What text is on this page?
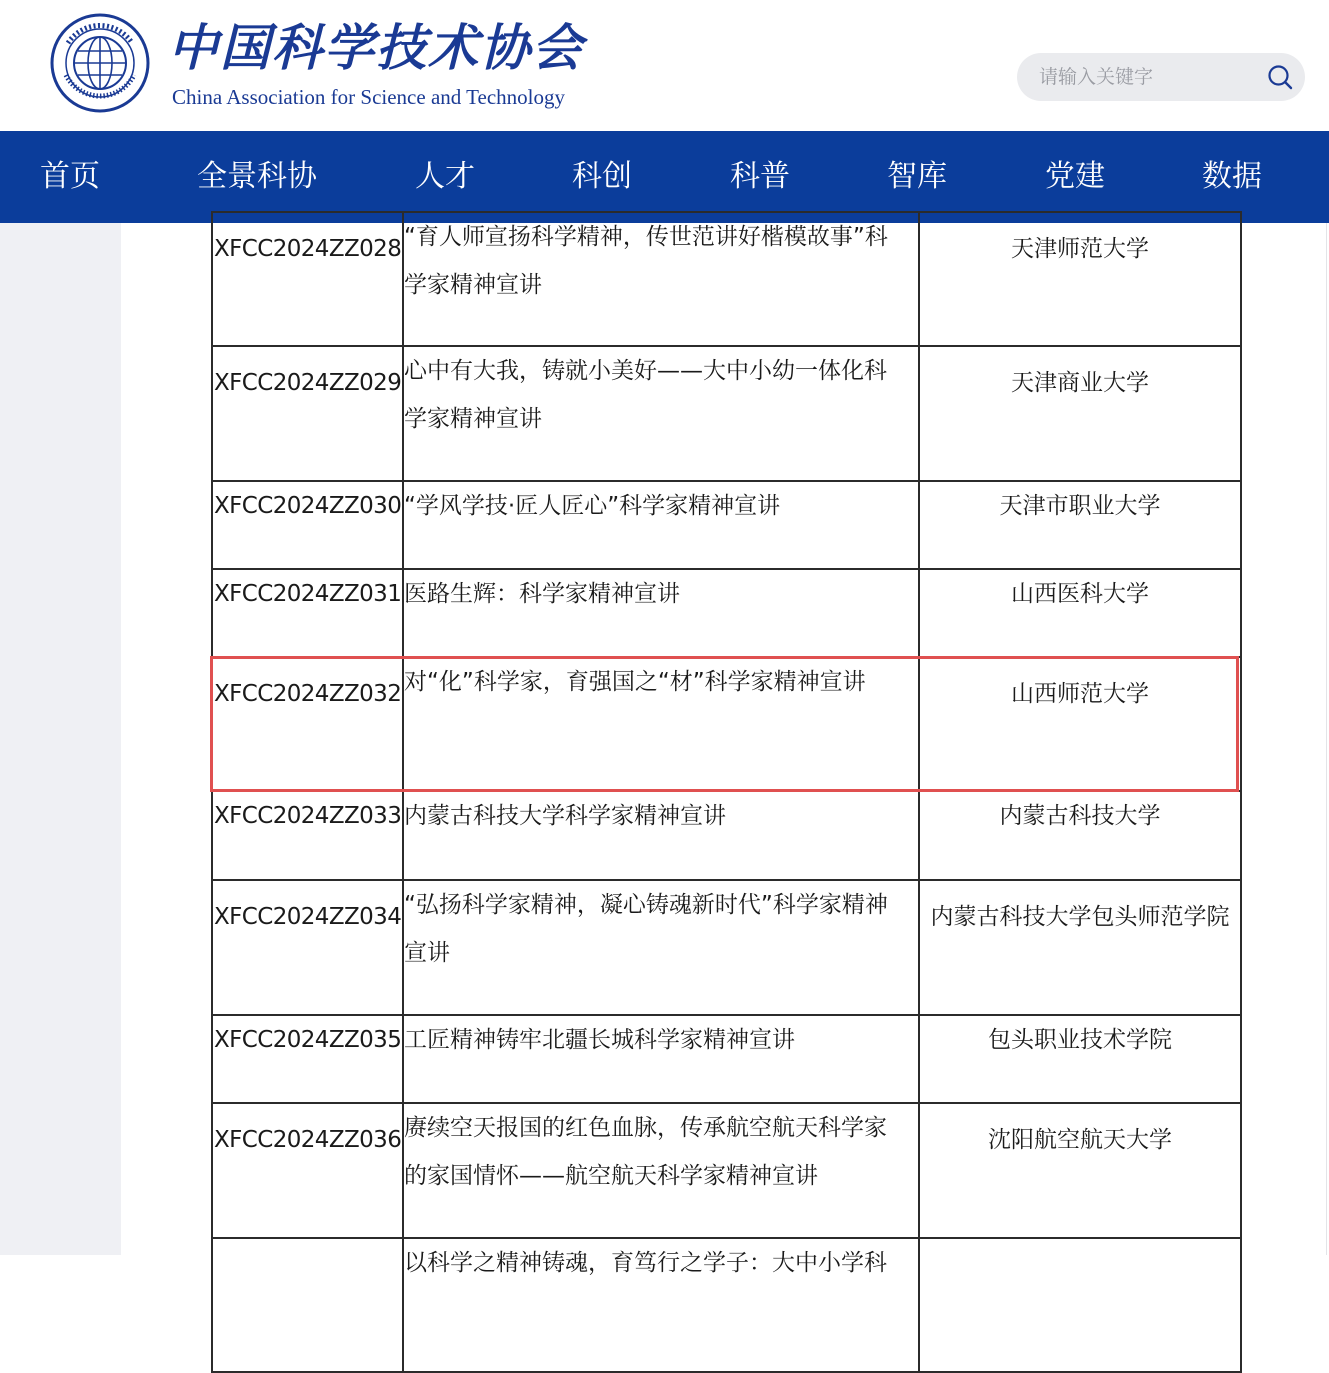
中国科学技术协会
China Association for Science and Technology
请输入关键字
首页	全景科协	人才	科创	科普	智库	党建	数据
XFCC2024ZZ028	“育人师宣扬科学精神，传世范讲好楷模故事”科学家精神宣讲	天津师范大学
XFCC2024ZZ029	心中有大我，铸就小美好——大中小幼一体化科学家精神宣讲	天津商业大学
XFCC2024ZZ030	“学风学技·匠人匠心”科学家精神宣讲	天津市职业大学
XFCC2024ZZ031	医路生辉：科学家精神宣讲	山西医科大学
XFCC2024ZZ032	对“化”科学家，育强国之“材”科学家精神宣讲	山西师范大学
XFCC2024ZZ033	内蒙古科技大学科学家精神宣讲	内蒙古科技大学
XFCC2024ZZ034	“弘扬科学家精神，凝心铸魂新时代”科学家精神宣讲	内蒙古科技大学包头师范学院
XFCC2024ZZ035	工匠精神铸牢北疆长城科学家精神宣讲	包头职业技术学院
XFCC2024ZZ036	赓续空天报国的红色血脉，传承航空航天科学家的家国情怀——航空航天科学家精神宣讲	沈阳航空航天大学
	以科学之精神铸魂，育笃行之学子：大中小学科	
